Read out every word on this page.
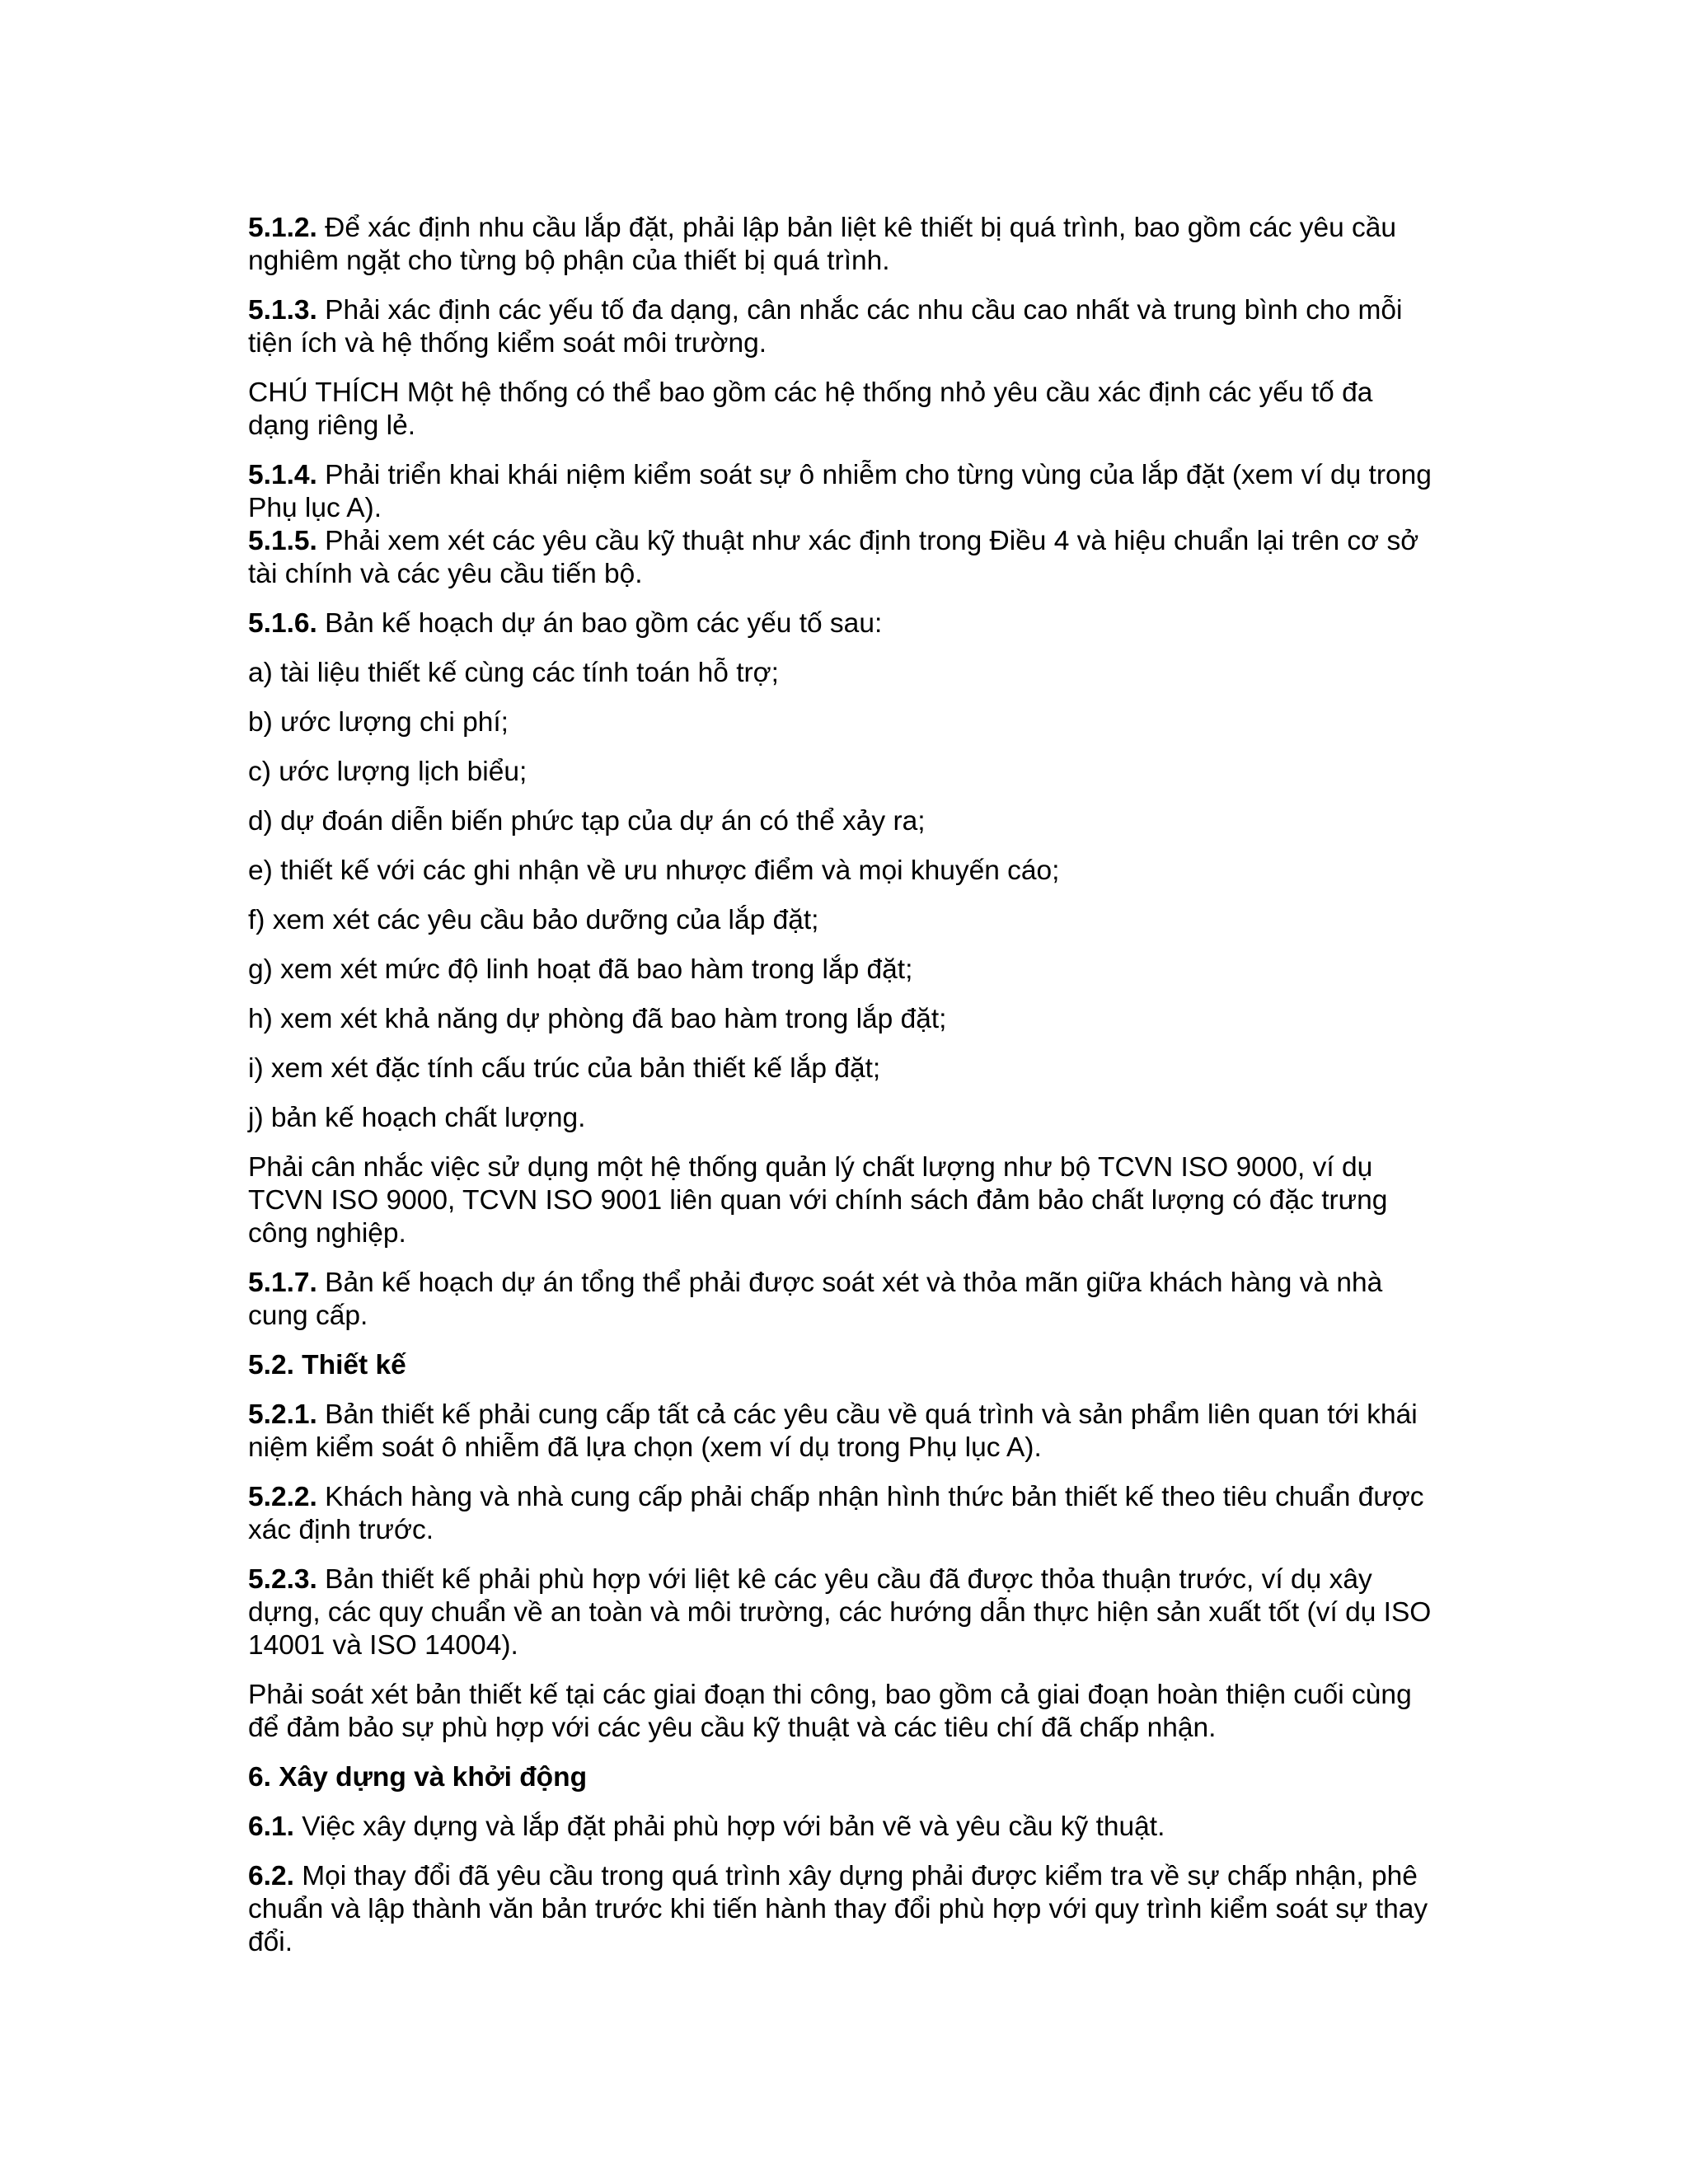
5.1.2. Để xác định nhu cầu lắp đặt, phải lập bản liệt kê thiết bị quá trình, bao gồm các yêu cầu nghiêm ngặt cho từng bộ phận của thiết bị quá trình.

5.1.3. Phải xác định các yếu tố đa dạng, cân nhắc các nhu cầu cao nhất và trung bình cho mỗi tiện ích và hệ thống kiểm soát môi trường.

CHÚ THÍCH Một hệ thống có thể bao gồm các hệ thống nhỏ yêu cầu xác định các yếu tố đa dạng riêng lẻ.

5.1.4. Phải triển khai khái niệm kiểm soát sự ô nhiễm cho từng vùng của lắp đặt (xem ví dụ trong Phụ lục A).

5.1.5. Phải xem xét các yêu cầu kỹ thuật như xác định trong Điều 4 và hiệu chuẩn lại trên cơ sở tài chính và các yêu cầu tiến bộ.

5.1.6. Bản kế hoạch dự án bao gồm các yếu tố sau:

a) tài liệu thiết kế cùng các tính toán hỗ trợ;

b) ước lượng chi phí;

c) ước lượng lịch biểu;

d) dự đoán diễn biến phức tạp của dự án có thể xảy ra;

e) thiết kế với các ghi nhận về ưu nhược điểm và mọi khuyến cáo;

f) xem xét các yêu cầu bảo dưỡng của lắp đặt;

g) xem xét mức độ linh hoạt đã bao hàm trong lắp đặt;

h) xem xét khả năng dự phòng đã bao hàm trong lắp đặt;

i) xem xét đặc tính cấu trúc của bản thiết kế lắp đặt;

j) bản kế hoạch chất lượng.

Phải cân nhắc việc sử dụng một hệ thống quản lý chất lượng như bộ TCVN ISO 9000, ví dụ TCVN ISO 9000, TCVN ISO 9001 liên quan với chính sách đảm bảo chất lượng có đặc trưng công nghiệp.

5.1.7. Bản kế hoạch dự án tổng thể phải được soát xét và thỏa mãn giữa khách hàng và nhà cung cấp.

5.2. Thiết kế

5.2.1. Bản thiết kế phải cung cấp tất cả các yêu cầu về quá trình và sản phẩm liên quan tới khái niệm kiểm soát ô nhiễm đã lựa chọn (xem ví dụ trong Phụ lục A).

5.2.2. Khách hàng và nhà cung cấp phải chấp nhận hình thức bản thiết kế theo tiêu chuẩn được xác định trước.

5.2.3. Bản thiết kế phải phù hợp với liệt kê các yêu cầu đã được thỏa thuận trước, ví dụ xây dựng, các quy chuẩn về an toàn và môi trường, các hướng dẫn thực hiện sản xuất tốt (ví dụ ISO 14001 và ISO 14004).

Phải soát xét bản thiết kế tại các giai đoạn thi công, bao gồm cả giai đoạn hoàn thiện cuối cùng để đảm bảo sự phù hợp với các yêu cầu kỹ thuật và các tiêu chí đã chấp nhận.

6. Xây dựng và khởi động

6.1. Việc xây dựng và lắp đặt phải phù hợp với bản vẽ và yêu cầu kỹ thuật.

6.2. Mọi thay đổi đã yêu cầu trong quá trình xây dựng phải được kiểm tra về sự chấp nhận, phê chuẩn và lập thành văn bản trước khi tiến hành thay đổi phù hợp với quy trình kiểm soát sự thay đổi.
